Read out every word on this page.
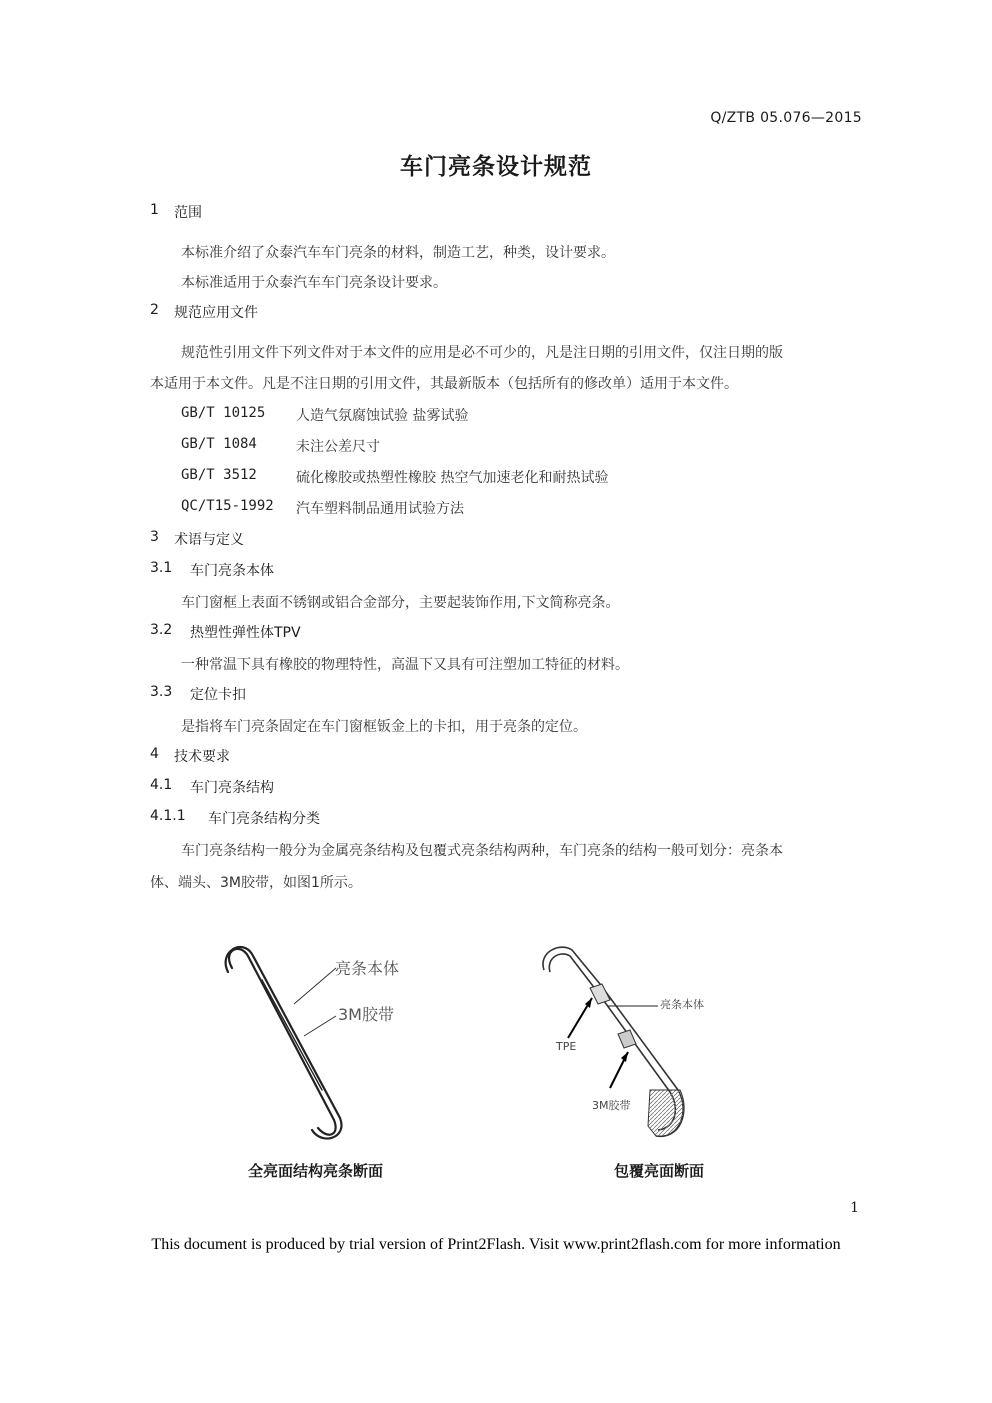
Q/ZTB 05.076—2015
车门亮条设计规范
1 范围
本标准介绍了众泰汽车车门亮条的材料，制造工艺，种类，设计要求。
本标准适用于众泰汽车车门亮条设计要求。
2 规范应用文件
规范性引用文件下列文件对于本文件的应用是必不可少的，凡是注日期的引用文件，仅注日期的版
本适用于本文件。凡是不注日期的引用文件，其最新版本（包括所有的修改单）适用于本文件。
GB/T 10125 人造气氛腐蚀试验 盐雾试验
GB/T 1084	未注公差尺寸
GB/T 3512	硫化橡胶或热塑性橡胶 热空气加速老化和耐热试验
QC/T15-1992 汽车塑料制品通用试验方法
3 术语与定义
3.1 车门亮条本体
车门窗框上表面不锈钢或铝合金部分，主要起装饰作用,下文简称亮条。
3.2 热塑性弹性体TPV
一种常温下具有橡胶的物理特性，高温下又具有可注塑加工特征的材料。
3.3 定位卡扣
是指将车门亮条固定在车门窗框钣金上的卡扣，用于亮条的定位。
4 技术要求
4.1 车门亮条结构
4.1.1 车门亮条结构分类
车门亮条结构一般分为金属亮条结构及包覆式亮条结构两种，车门亮条的结构一般可划分：亮条本
体、端头、3M胶带，如图1所示。
亮条本体
3M胶带
全亮面结构亮条断面
亮条本体
TPE
3M胶带
包覆亮面断面
1
This document is produced by trial version of Print2Flash. Visit www.print2flash.com for more information
